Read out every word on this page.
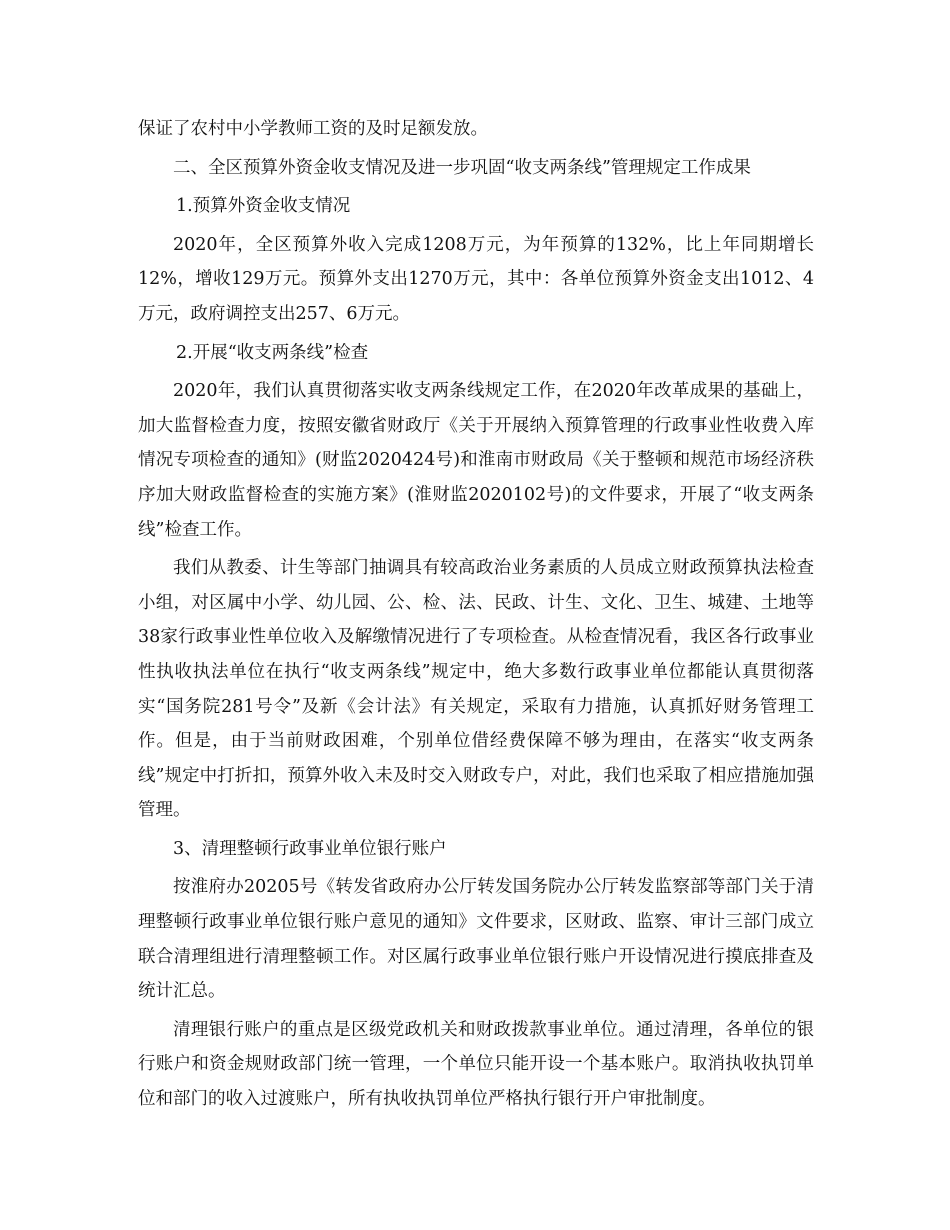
保证了农村中小学教师工资的及时足额发放。

二、全区预算外资金收支情况及进一步巩固“收支两条线”管理规定工作成果

1.预算外资金收支情况

2020年，全区预算外收入完成1208万元，为年预算的132%，比上年同期增长12%，增收129万元。预算外支出1270万元，其中：各单位预算外资金支出1012、4万元，政府调控支出257、6万元。

2.开展“收支两条线”检查

2020年，我们认真贯彻落实收支两条线规定工作，在2020年改革成果的基础上，加大监督检查力度，按照安徽省财政厅《关于开展纳入预算管理的行政事业性收费入库情况专项检查的通知》(财监2020424号)和淮南市财政局《关于整顿和规范市场经济秩序加大财政监督检查的实施方案》(淮财监2020102号)的文件要求，开展了“收支两条线”检查工作。

我们从教委、计生等部门抽调具有较高政治业务素质的人员成立财政预算执法检查小组，对区属中小学、幼儿园、公、检、法、民政、计生、文化、卫生、城建、土地等38家行政事业性单位收入及解缴情况进行了专项检查。从检查情况看，我区各行政事业性执收执法单位在执行“收支两条线”规定中，绝大多数行政事业单位都能认真贯彻落实“国务院281号令”及新《会计法》有关规定，采取有力措施，认真抓好财务管理工作。但是，由于当前财政困难，个别单位借经费保障不够为理由，在落实“收支两条线”规定中打折扣，预算外收入未及时交入财政专户，对此，我们也采取了相应措施加强管理。

3、清理整顿行政事业单位银行账户

按淮府办20205号《转发省政府办公厅转发国务院办公厅转发监察部等部门关于清理整顿行政事业单位银行账户意见的通知》文件要求，区财政、监察、审计三部门成立联合清理组进行清理整顿工作。对区属行政事业单位银行账户开设情况进行摸底排查及统计汇总。

清理银行账户的重点是区级党政机关和财政拨款事业单位。通过清理，各单位的银行账户和资金规财政部门统一管理，一个单位只能开设一个基本账户。取消执收执罚单位和部门的收入过渡账户，所有执收执罚单位严格执行银行开户审批制度。
